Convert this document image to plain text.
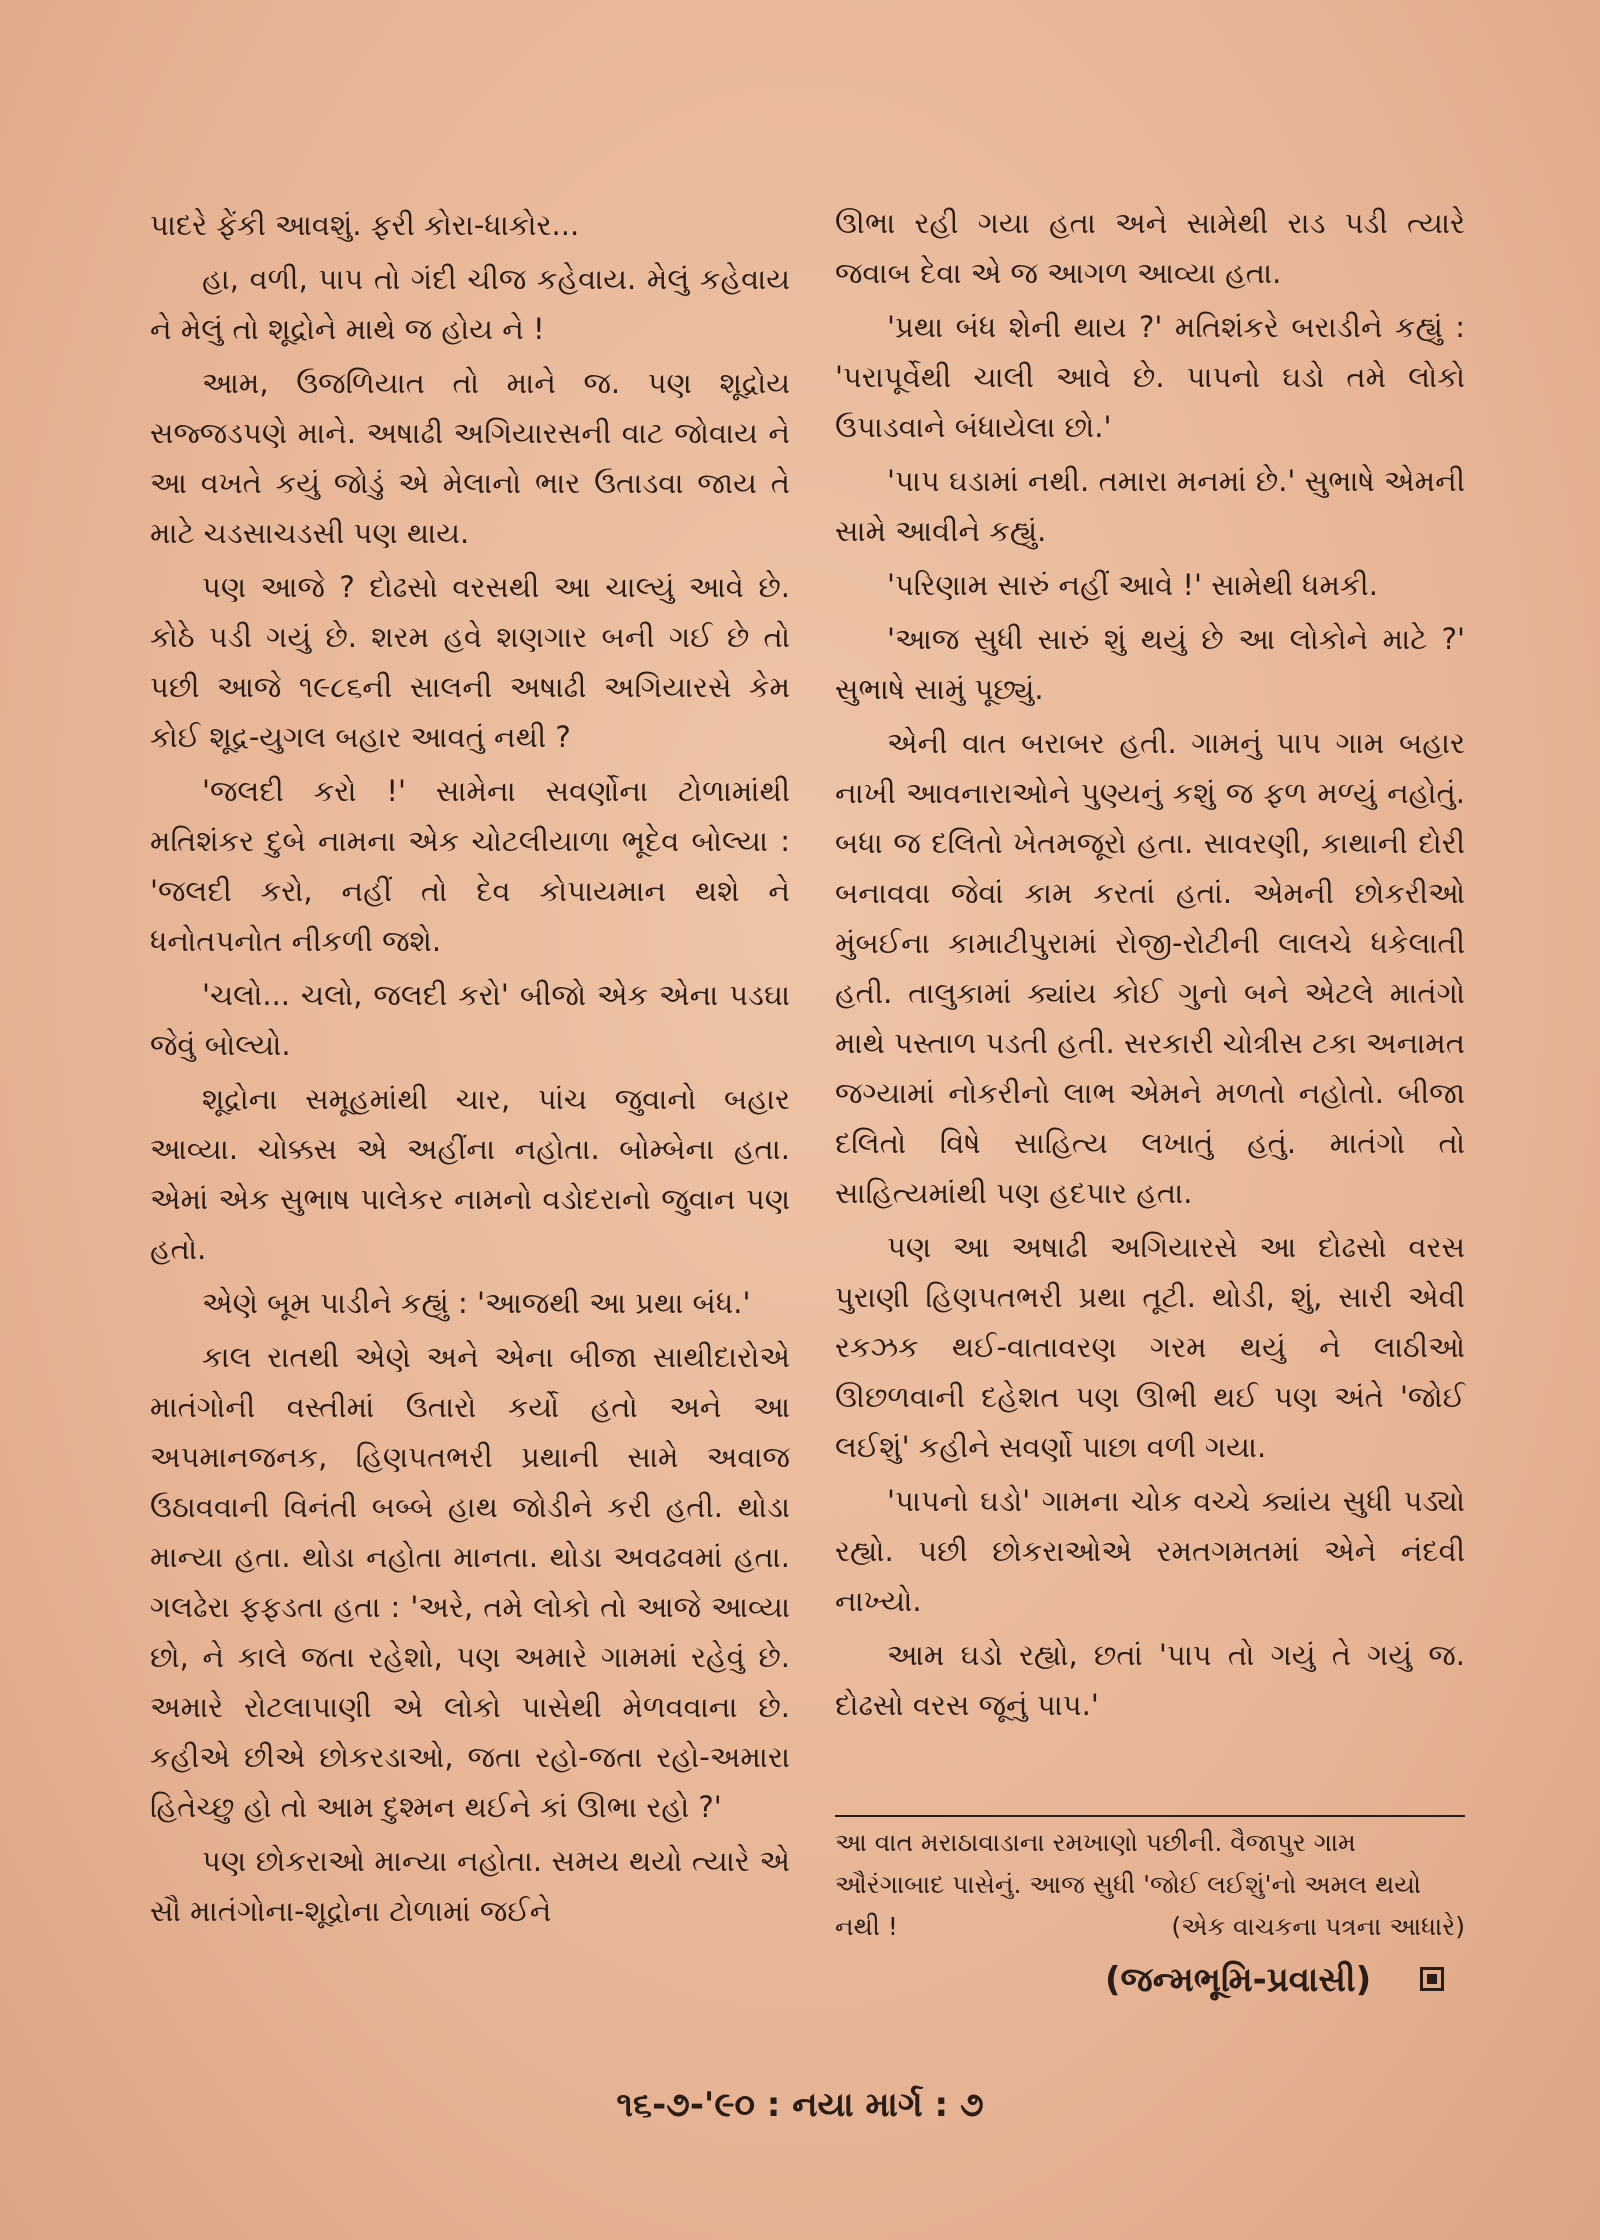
પાદરે ફેંકી આવશું. ફરી કોરા-ધાકોર...

હા, વળી, પાપ તો ગંદી ચીજ કહેવાય. મેલું કહેવાય ને મેલું તો શૂદ્રોને માથે જ હોય ને !

આમ, ઉજળિયાત તો માને જ. પણ શૂદ્રોય સજ્જડપણે માને. અષાઢી અગિયારસની વાટ જોવાય ને આ વખતે કયું જોડું એ મેલાનો ભાર ઉતાડવા જાય તે માટે ચડસાચડસી પણ થાય.

પણ આજે ? દોઢસો વરસથી આ ચાલ્યું આવે છે. કોઠે પડી ગયું છે. શરમ હવે શણગાર બની ગઈ છે તો પછી આજે ૧૯૮૬ની સાલની અષાઢી અગિયારસે કેમ કોઈ શૂદ્ર-યુગલ બહાર આવતું નથી ?

'જલદી કરો !' સામેના સવર્ણોના ટોળામાંથી મતિશંકર દુબે નામના એક ચોટલીયાળા ભૂદેવ બોલ્યા : 'જલદી કરો, નહીં તો દેવ કોપાયમાન થશે ને ધનોતપનોત નીકળી જશે.

'ચલો... ચલો, જલદી કરો' બીજો એક એના પડઘા જેવું બોલ્યો.

શૂદ્રોના સમૂહમાંથી ચાર, પાંચ જુવાનો બહાર આવ્યા. ચોક્કસ એ અહીંના નહોતા. બોમ્બેના હતા. એમાં એક સુભાષ પાલેકર નામનો વડોદરાનો જુવાન પણ હતો.

એણે બૂમ પાડીને કહ્યું : 'આજથી આ પ્રથા બંધ.'

કાલ રાતથી એણે અને એના બીજા સાથીદારોએ માતંગોની વસ્તીમાં ઉતારો કર્યો હતો અને આ અપમાનજનક, હિણપતભરી પ્રથાની સામે અવાજ ઉઠાવવાની વિનંતી બબ્બે હાથ જોડીને કરી હતી. થોડા માન્યા હતા. થોડા નહોતા માનતા. થોડા અવઢવમાં હતા. ગલઢેરા ફફડતા હતા : 'અરે, તમે લોકો તો આજે આવ્યા છો, ને કાલે જતા રહેશો, પણ અમારે ગામમાં રહેવું છે. અમારે રોટલાપાણી એ લોકો પાસેથી મેળવવાના છે. કહીએ છીએ છોકરડાઓ, જતા રહો-જતા રહો-અમારા હિતેચ્છુ હો તો આમ દુશ્મન થઈને કાં ઊભા રહો ?'

પણ છોકરાઓ માન્યા નહોતા. સમય થયો ત્યારે એ સૌ માતંગોના-શૂદ્રોના ટોળામાં જઈને

ઊભા રહી ગયા હતા અને સામેથી રાડ પડી ત્યારે જવાબ દેવા એ જ આગળ આવ્યા હતા.

'પ્રથા બંધ શેની થાય ?' મતિશંકરે બરાડીને કહ્યું : 'પરાપૂર્વેથી ચાલી આવે છે. પાપનો ઘડો તમે લોકો ઉપાડવાને બંધાયેલા છો.'

'પાપ ઘડામાં નથી. તમારા મનમાં છે.' સુભાષે એમની સામે આવીને કહ્યું.

'પરિણામ સારું નહીં આવે !' સામેથી ધમકી.

'આજ સુધી સારું શું થયું છે આ લોકોને માટે ?' સુભાષે સામું પૂછ્યું.

એની વાત બરાબર હતી. ગામનું પાપ ગામ બહાર નાખી આવનારાઓને પુણ્યનું કશું જ ફળ મળ્યું નહોતું. બધા જ દલિતો ખેતમજૂરો હતા. સાવરણી, કાથાની દોરી બનાવવા જેવાં કામ કરતાં હતાં. એમની છોકરીઓ મુંબઈના કામાટીપુરામાં રોજી-રોટીની લાલચે ધકેલાતી હતી. તાલુકામાં ક્યાંય કોઈ ગુનો બને એટલે માતંગો માથે પસ્તાળ પડતી હતી. સરકારી ચોત્રીસ ટકા અનામત જગ્યામાં નોકરીનો લાભ એમને મળતો નહોતો. બીજા દલિતો વિષે સાહિત્ય લખાતું હતું. માતંગો તો સાહિત્યમાંથી પણ હદપાર હતા.

પણ આ અષાઢી અગિયારસે આ દોઢસો વરસ પુરાણી હિણપતભરી પ્રથા તૂટી. થોડી, શું, સારી એવી રકઝક થઈ-વાતાવરણ ગરમ થયું ને લાઠીઓ ઊછળવાની દહેશત પણ ઊભી થઈ પણ અંતે 'જોઈ લઈશું' કહીને સવર્ણો પાછા વળી ગયા.

'પાપનો ઘડો' ગામના ચોક વચ્ચે ક્યાંય સુધી પડ્યો રહ્યો. પછી છોકરાઓએ રમતગમતમાં એને નંદવી નાખ્યો.

આમ ઘડો રહ્યો, છતાં 'પાપ તો ગયું તે ગયું જ. દોઢસો વરસ જૂનું પાપ.'

આ વાત મરાઠાવાડાના રમખાણો પછીની. વૈજાપુર ગામ ઔરંગાબાદ પાસેનું. આજ સુધી 'જોઈ લઈશું'નો અમલ થયો નથી !	(એક વાચકના પત્રના આધારે)
(જન્મભૂમિ-પ્રવાસી)
૧૬-૭-'૯૦ : નયા માર્ગ : ૭
